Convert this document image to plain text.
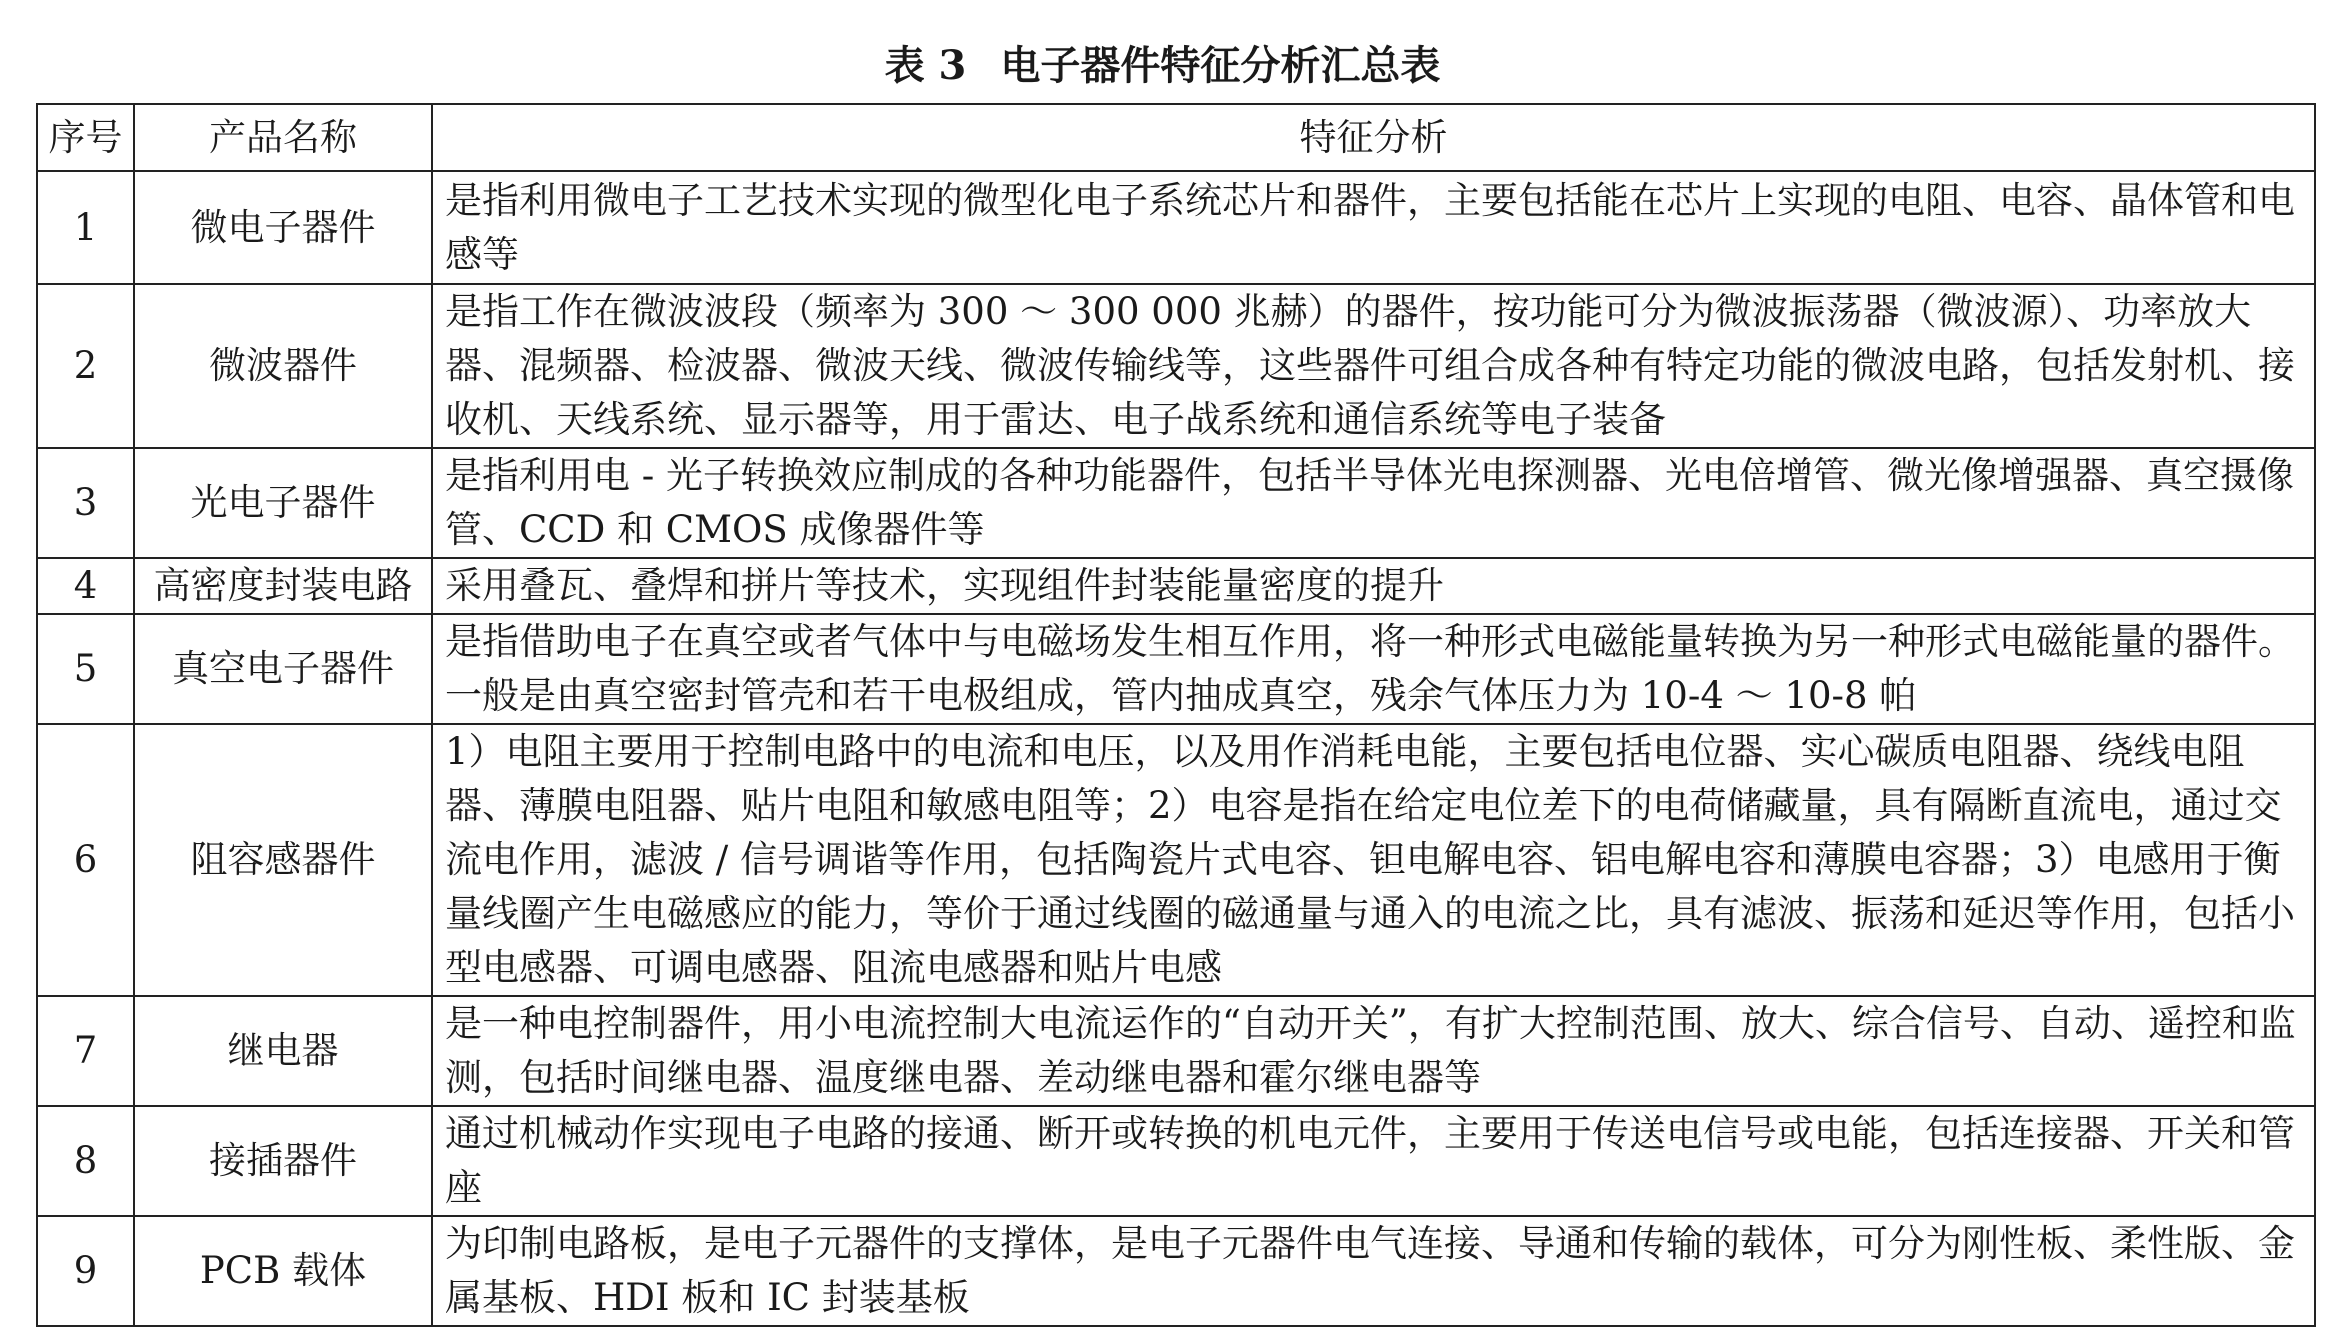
表 3 电子器件特征分析汇总表
序号	产品名称	特征分析
1	微电子器件	是指利用微电子工艺技术实现的微型化电子系统芯片和器件，主要包括能在芯片上实现的电阻、电容、晶体管和电感等
2	微波器件	是指工作在微波波段（频率为 300 ～ 300 000 兆赫）的器件，按功能可分为微波振荡器（微波源）、功率放大器、混频器、检波器、微波天线、微波传输线等，这些器件可组合成各种有特定功能的微波电路，包括发射机、接收机、天线系统、显示器等，用于雷达、电子战系统和通信系统等电子装备
3	光电子器件	是指利用电 - 光子转换效应制成的各种功能器件，包括半导体光电探测器、光电倍增管、微光像增强器、真空摄像管、CCD 和 CMOS 成像器件等
4	高密度封装电路	采用叠瓦、叠焊和拼片等技术，实现组件封装能量密度的提升
5	真空电子器件	是指借助电子在真空或者气体中与电磁场发生相互作用，将一种形式电磁能量转换为另一种形式电磁能量的器件。一般是由真空密封管壳和若干电极组成，管内抽成真空，残余气体压力为 10-4 ～ 10-8 帕
6	阻容感器件	1）电阻主要用于控制电路中的电流和电压，以及用作消耗电能，主要包括电位器、实心碳质电阻器、绕线电阻器、薄膜电阻器、贴片电阻和敏感电阻等；2）电容是指在给定电位差下的电荷储藏量，具有隔断直流电，通过交流电作用，滤波 / 信号调谐等作用，包括陶瓷片式电容、钽电解电容、铝电解电容和薄膜电容器；3）电感用于衡量线圈产生电磁感应的能力，等价于通过线圈的磁通量与通入的电流之比，具有滤波、振荡和延迟等作用，包括小型电感器、可调电感器、阻流电感器和贴片电感
7	继电器	是一种电控制器件，用小电流控制大电流运作的“自动开关”，有扩大控制范围、放大、综合信号、自动、遥控和监测，包括时间继电器、温度继电器、差动继电器和霍尔继电器等
8	接插器件	通过机械动作实现电子电路的接通、断开或转换的机电元件，主要用于传送电信号或电能，包括连接器、开关和管座
9	PCB 载体	为印制电路板，是电子元器件的支撑体，是电子元器件电气连接、导通和传输的载体，可分为刚性板、柔性版、金属基板、HDI 板和 IC 封装基板
